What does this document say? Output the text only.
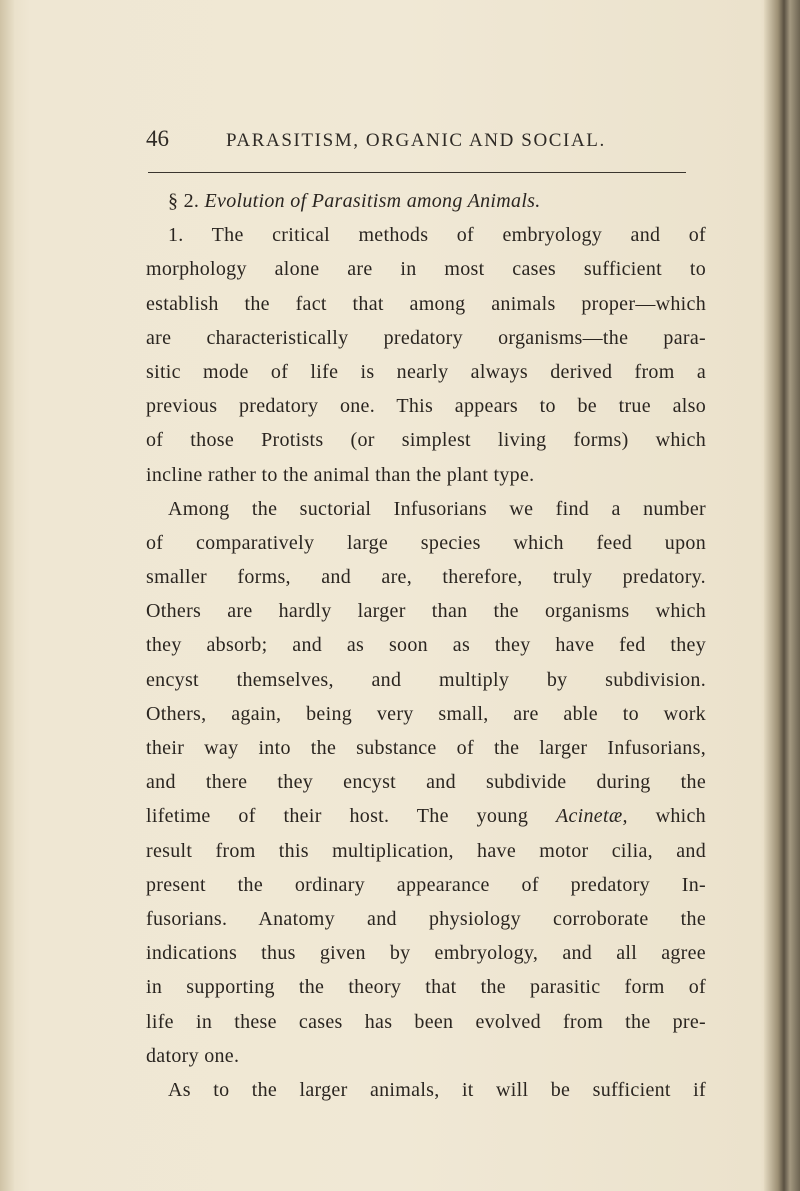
46	PARASITISM, ORGANIC AND SOCIAL.
§ 2. Evolution of Parasitism among Animals.
1. The critical methods of embryology and of
morphology alone are in most cases sufficient to
establish the fact that among animals proper—which
are characteristically predatory organisms—the para-
sitic mode of life is nearly always derived from a
previous predatory one. This appears to be true also
of those Protists (or simplest living forms) which
incline rather to the animal than the plant type.
Among the suctorial Infusorians we find a number
of comparatively large species which feed upon
smaller forms, and are, therefore, truly predatory.
Others are hardly larger than the organisms which
they absorb; and as soon as they have fed they
encyst themselves, and multiply by subdivision.
Others, again, being very small, are able to work
their way into the substance of the larger Infusorians,
and there they encyst and subdivide during the
lifetime of their host. The young Acinetæ, which
result from this multiplication, have motor cilia, and
present the ordinary appearance of predatory In-
fusorians. Anatomy and physiology corroborate the
indications thus given by embryology, and all agree
in supporting the theory that the parasitic form of
life in these cases has been evolved from the pre-
datory one.
As to the larger animals, it will be sufficient if
